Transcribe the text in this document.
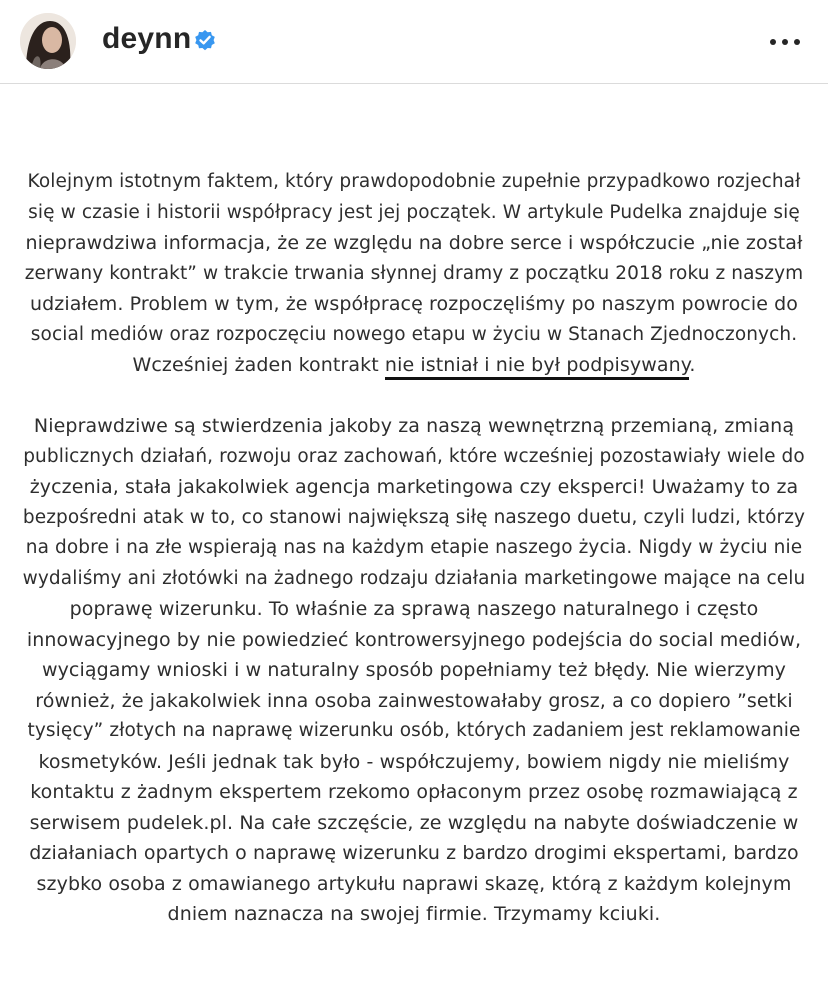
deynn

Kolejnym istotnym faktem, który prawdopodobnie zupełnie przypadkowo rozjechał
się w czasie i historii współpracy jest jej początek. W artykule Pudelka znajduje się
nieprawdziwa informacja, że ze względu na dobre serce i współczucie „nie został
zerwany kontrakt” w trakcie trwania słynnej dramy z początku 2018 roku z naszym
udziałem. Problem w tym, że współpracę rozpoczęliśmy po naszym powrocie do
social mediów oraz rozpoczęciu nowego etapu w życiu w Stanach Zjednoczonych.
Wcześniej żaden kontrakt nie istniał i nie był podpisywany.

Nieprawdziwe są stwierdzenia jakoby za naszą wewnętrzną przemianą, zmianą
publicznych działań, rozwoju oraz zachowań, które wcześniej pozostawiały wiele do
życzenia, stała jakakolwiek agencja marketingowa czy eksperci! Uważamy to za
bezpośredni atak w to, co stanowi największą siłę naszego duetu, czyli ludzi, którzy
na dobre i na złe wspierają nas na każdym etapie naszego życia. Nigdy w życiu nie
wydaliśmy ani złotówki na żadnego rodzaju działania marketingowe mające na celu
poprawę wizerunku. To właśnie za sprawą naszego naturalnego i często
innowacyjnego by nie powiedzieć kontrowersyjnego podejścia do social mediów,
wyciągamy wnioski i w naturalny sposób popełniamy też błędy. Nie wierzymy
również, że jakakolwiek inna osoba zainwestowałaby grosz, a co dopiero ”setki
tysięcy” złotych na naprawę wizerunku osób, których zadaniem jest reklamowanie
kosmetyków. Jeśli jednak tak było - współczujemy, bowiem nigdy nie mieliśmy
kontaktu z żadnym ekspertem rzekomo opłaconym przez osobę rozmawiającą z
serwisem pudelek.pl. Na całe szczęście, ze względu na nabyte doświadczenie w
działaniach opartych o naprawę wizerunku z bardzo drogimi ekspertami, bardzo
szybko osoba z omawianego artykułu naprawi skazę, którą z każdym kolejnym
dniem naznacza na swojej firmie. Trzymamy kciuki.
